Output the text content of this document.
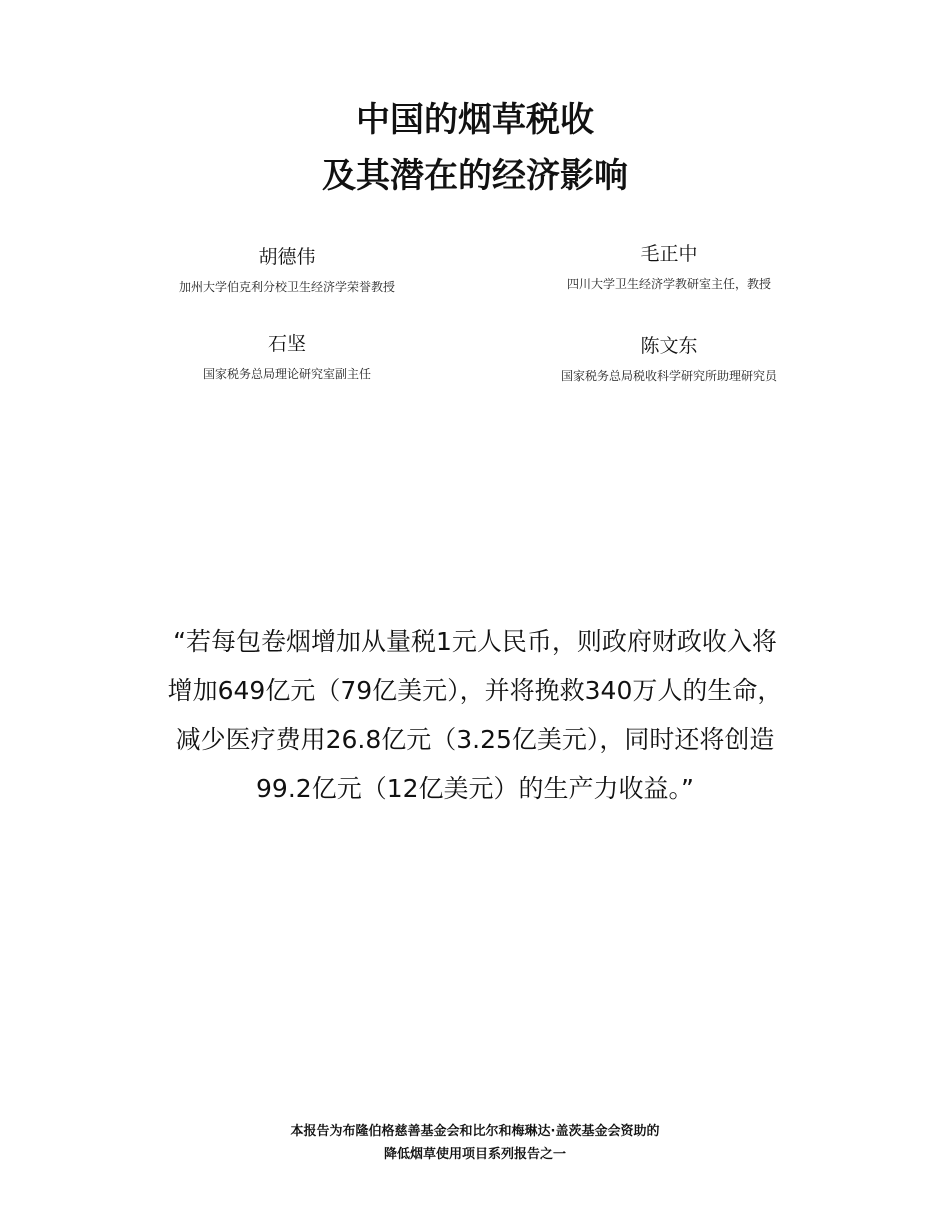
中国的烟草税收
及其潜在的经济影响
胡德伟
加州大学伯克利分校卫生经济学荣誉教授
毛正中
四川大学卫生经济学教研室主任，教授
石坚
国家税务总局理论研究室副主任
陈文东
国家税务总局税收科学研究所助理研究员
“若每包卷烟增加从量税1元人民币，则政府财政收入将
增加649亿元（79亿美元），并将挽救340万人的生命，
减少医疗费用26.8亿元（3.25亿美元），同时还将创造
99.2亿元（12亿美元）的生产力收益。”
本报告为布隆伯格慈善基金会和比尔和梅琳达·盖茨基金会资助的
降低烟草使用项目系列报告之一
